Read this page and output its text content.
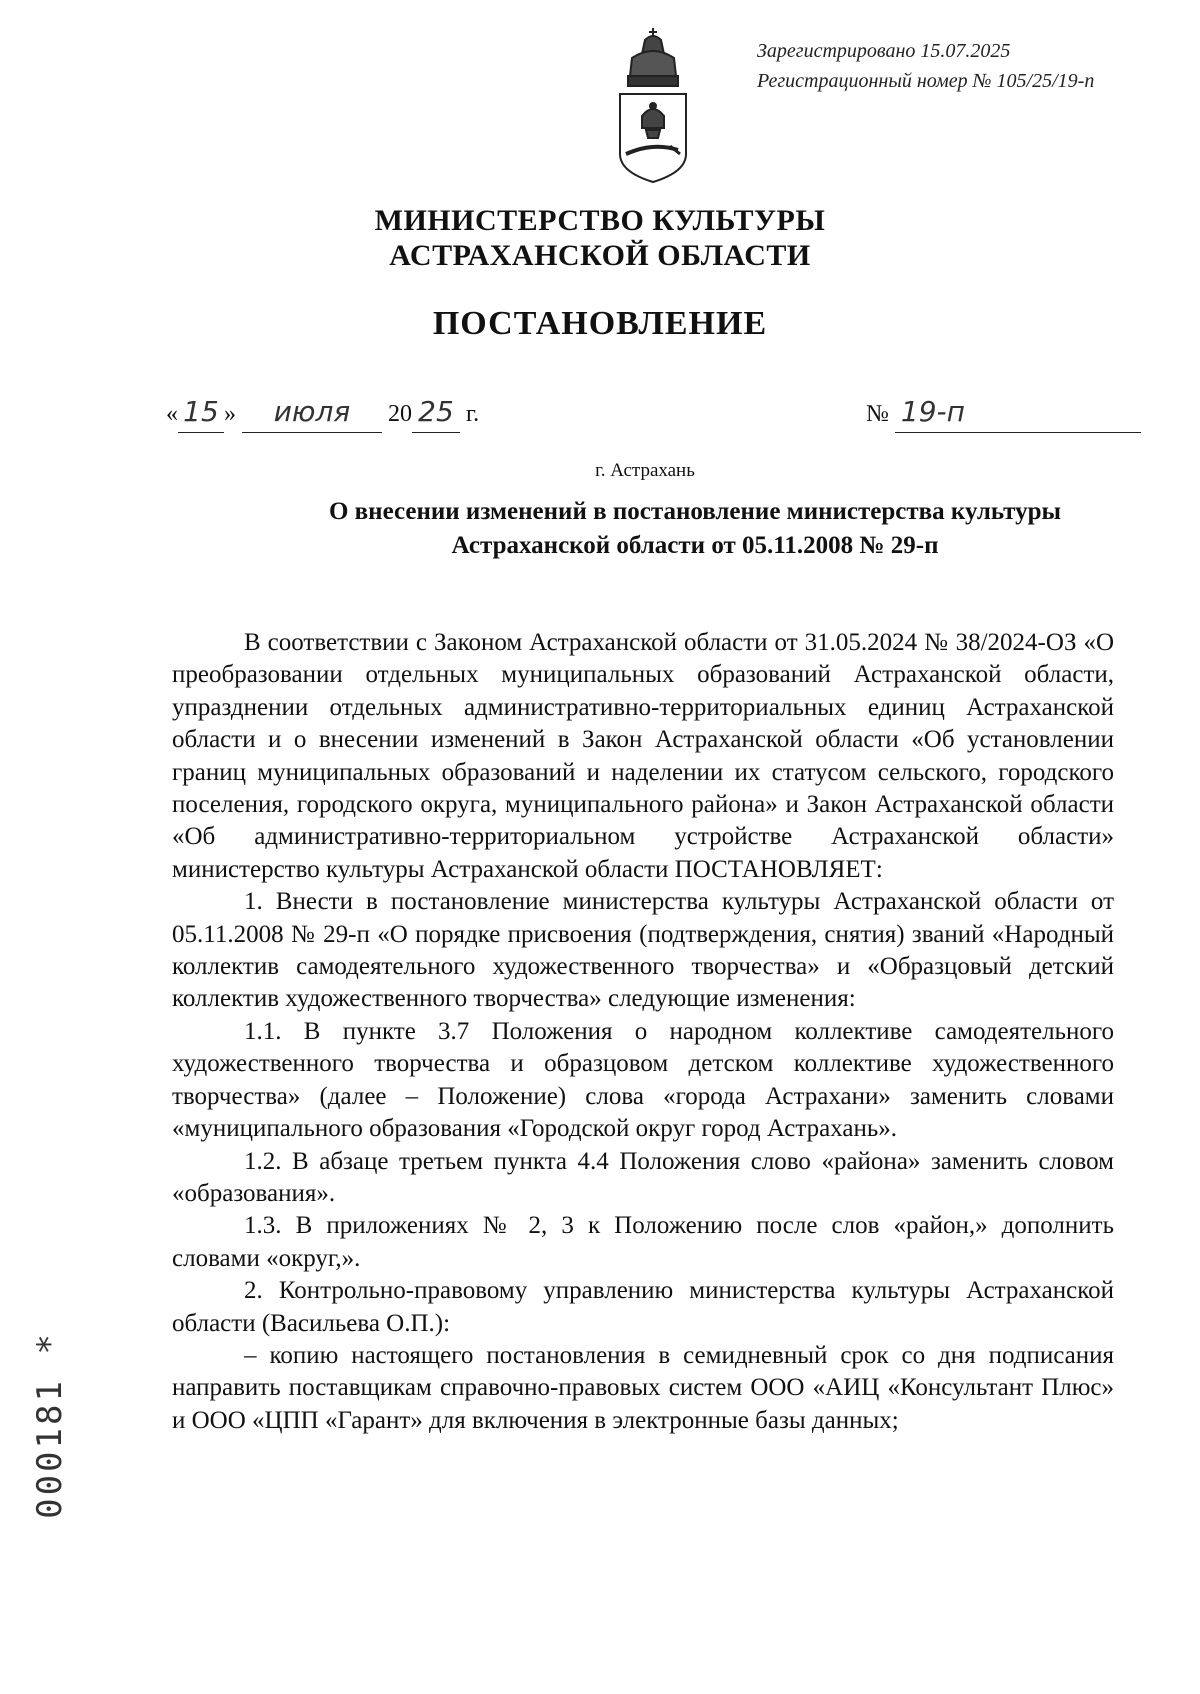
Зарегистрировано 15.07.2025
Регистрационный номер № 105/25/19-п
МИНИСТЕРСТВО КУЛЬТУРЫ
АСТРАХАНСКОЙ ОБЛАСТИ
ПОСТАНОВЛЕНИЕ
« 15 » июля 20 25 г.	№ 19-п
г. Астрахань
О внесении изменений в постановление министерства культуры
Астраханской области от 05.11.2008 № 29-п

В соответствии с Законом Астраханской области от 31.05.2024 № 38/2024-ОЗ «О преобразовании отдельных муниципальных образований Астраханской области, упразднении отдельных административно-территориальных единиц Астраханской области и о внесении изменений в Закон Астраханской области «Об установлении границ муниципальных образований и наделении их статусом сельского, городского поселения, городского округа, муниципального района» и Закон Астраханской области «Об административно-территориальном устройстве Астраханской области» министерство культуры Астраханской области ПОСТАНОВЛЯЕТ:

1. Внести в постановление министерства культуры Астраханской области от 05.11.2008 № 29-п «О порядке присвоения (подтверждения, снятия) званий «Народный коллектив самодеятельного художественного творчества» и «Образцовый детский коллектив художественного творчества» следующие изменения:

1.1. В пункте 3.7 Положения о народном коллективе самодеятельного художественного творчества и образцовом детском коллективе художественного творчества» (далее – Положение) слова «города Астрахани» заменить словами «муниципального образования «Городской округ город Астрахань».

1.2. В абзаце третьем пункта 4.4 Положения слово «района» заменить словом «образования».

1.3. В приложениях № 2, 3 к Положению после слов «район,» дополнить словами «округ,».

2. Контрольно-правовому управлению министерства культуры Астраханской области (Васильева О.П.):

– копию настоящего постановления в семидневный срок со дня подписания направить поставщикам справочно-правовых систем ООО «АИЦ «Консультант Плюс» и ООО «ЦПП «Гарант» для включения в электронные базы данных;

000181 *
